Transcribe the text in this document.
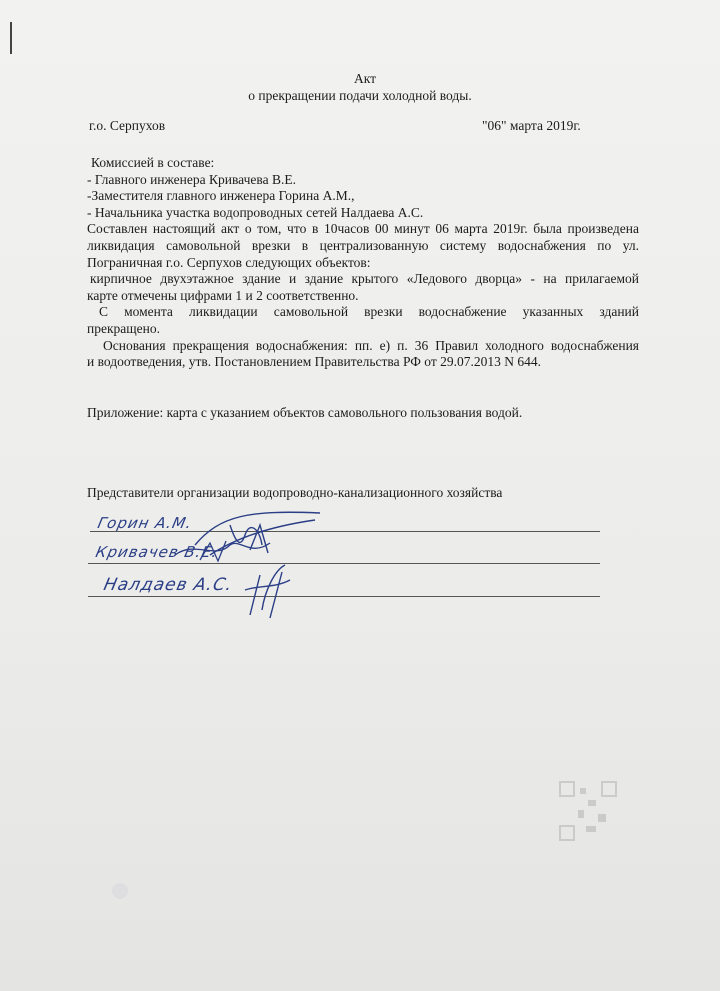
Акт
о прекращении подачи холодной воды.
г.о. Серпухов	"06" марта 2019г.

Комиссией в составе:

- Главного инженера Кривачева В.Е.

-Заместителя главного инженера Горина А.М.,

- Начальника участка водопроводных сетей Налдаева А.С.

Составлен настоящий акт о том, что в 10часов 00 минут 06 марта 2019г. была произведена

ликвидация самовольной врезки в централизованную систему водоснабжения по ул.

Пограничная г.о. Серпухов следующих объектов:

кирпичное двухэтажное здание и здание крытого «Ледового дворца» - на прилагаемой

карте отмечены цифрами 1 и 2 соответственно.

С момента ликвидации самовольной врезки водоснабжение указанных зданий

прекращено.

Основания прекращения водоснабжения: пп. е) п. 36 Правил холодного водоснабжения

и водоотведения, утв. Постановлением Правительства РФ от 29.07.2013 N 644.

Приложение: карта с указанием объектов самовольного пользования водой.
Представители организации водопроводно-канализационного хозяйства
Горин А.М.
Кривачев В.Е.
Налдаев А.С.
